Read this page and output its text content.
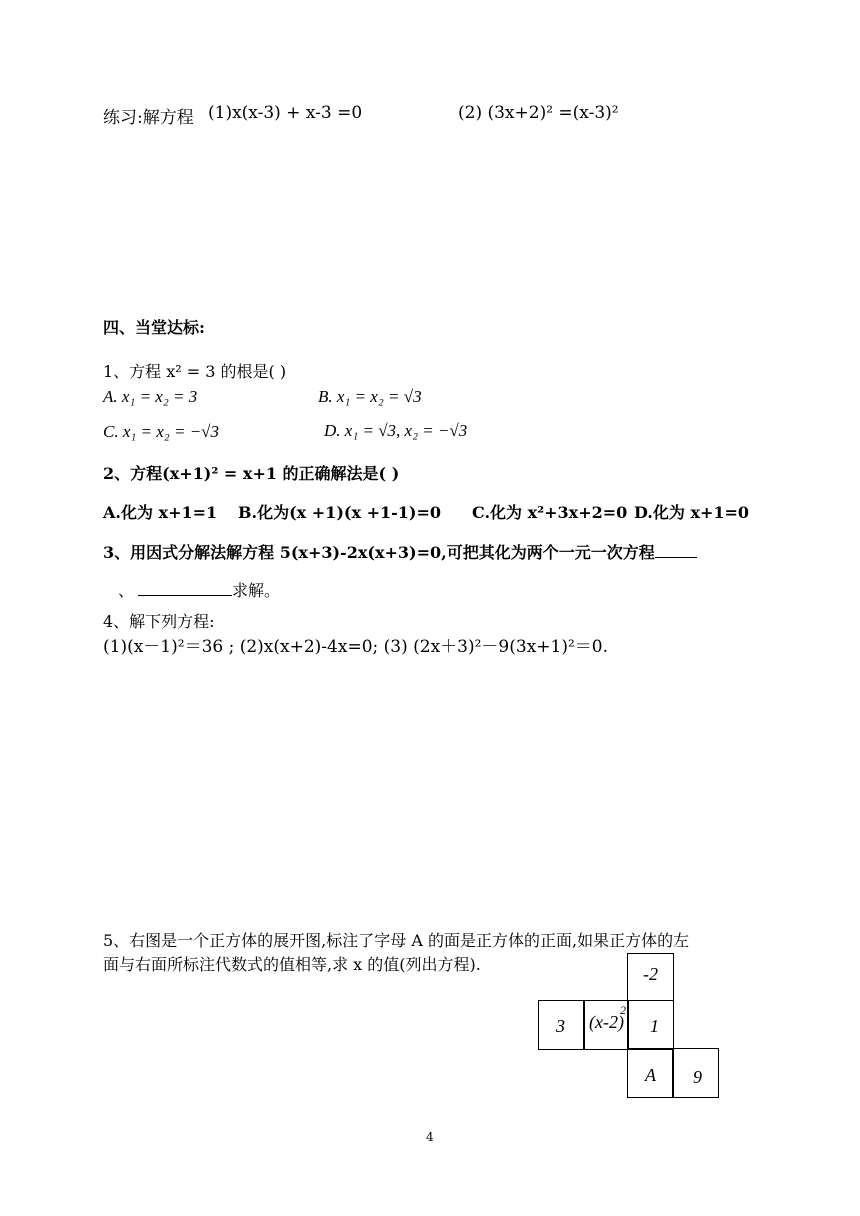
练习:解方程 (1)x(x-3) + x-3 =0	(2) (3x+2)² =(x-3)²
四、当堂达标:
1、方程 x² = 3 的根是( )
A. x₁ = x₂ = 3	B. x₁ = x₂ = √3
C. x₁ = x₂ = −√3	D. x₁ = √3, x₂ = −√3
2、方程(x+1)² = x+1 的正确解法是( )
A.化为 x+1=1 B.化为(x +1)(x +1-1)=0 C.化为 x²+3x+2=0 D.化为 x+1=0
3、用因式分解法解方程 5(x+3)-2x(x+3)=0,可把其化为两个一元一次方程
、	求解。
4、解下列方程:
(1)(x－1)²＝36 ; (2)x(x+2)-4x=0; (3) (2x＋3)²－9(3x+1)²＝0.
5、右图是一个正方体的展开图,标注了字母 A 的面是正方体的正面,如果正方体的左
面与右面所标注代数式的值相等,求 x 的值(列出方程).	-2
3 (x-2)
2
1
A 9
4
